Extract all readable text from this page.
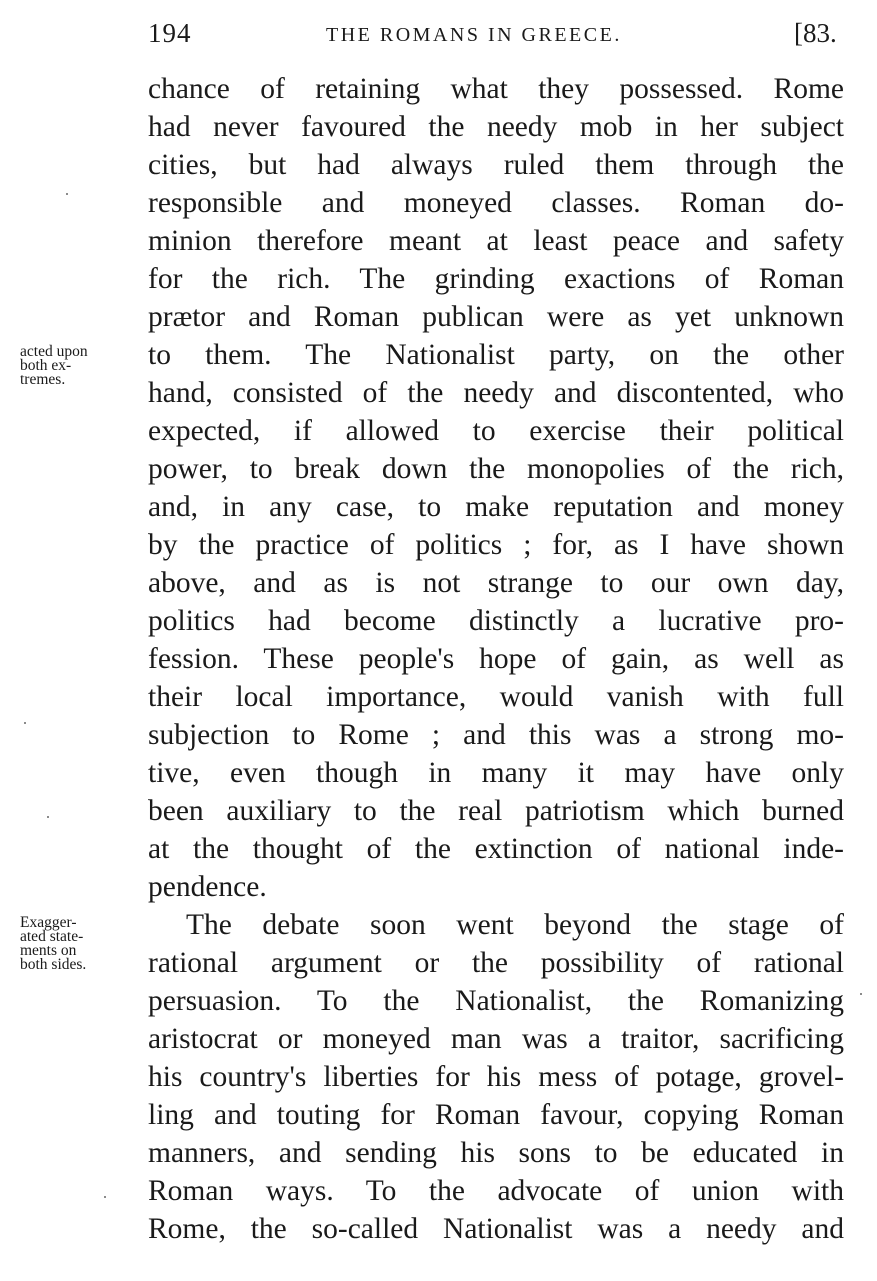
194	THE ROMANS IN GREECE.	[83.
acted upon
both ex-
tremes.
Exagger-
ated state-
ments on
both sides.
chance of retaining what they possessed. Rome
had never favoured the needy mob in her subject
cities, but had always ruled them through the
responsible and moneyed classes. Roman do-
minion therefore meant at least peace and safety
for the rich. The grinding exactions of Roman
prætor and Roman publican were as yet unknown
to them. The Nationalist party, on the other
hand, consisted of the needy and discontented, who
expected, if allowed to exercise their political
power, to break down the monopolies of the rich,
and, in any case, to make reputation and money
by the practice of politics ; for, as I have shown
above, and as is not strange to our own day,
politics had become distinctly a lucrative pro-
fession. These people's hope of gain, as well as
their local importance, would vanish with full
subjection to Rome ; and this was a strong mo-
tive, even though in many it may have only
been auxiliary to the real patriotism which burned
at the thought of the extinction of national inde-
pendence.
The debate soon went beyond the stage of
rational argument or the possibility of rational
persuasion. To the Nationalist, the Romanizing
aristocrat or moneyed man was a traitor, sacrificing
his country's liberties for his mess of potage, grovel-
ling and touting for Roman favour, copying Roman
manners, and sending his sons to be educated in
Roman ways. To the advocate of union with
Rome, the so-called Nationalist was a needy and
